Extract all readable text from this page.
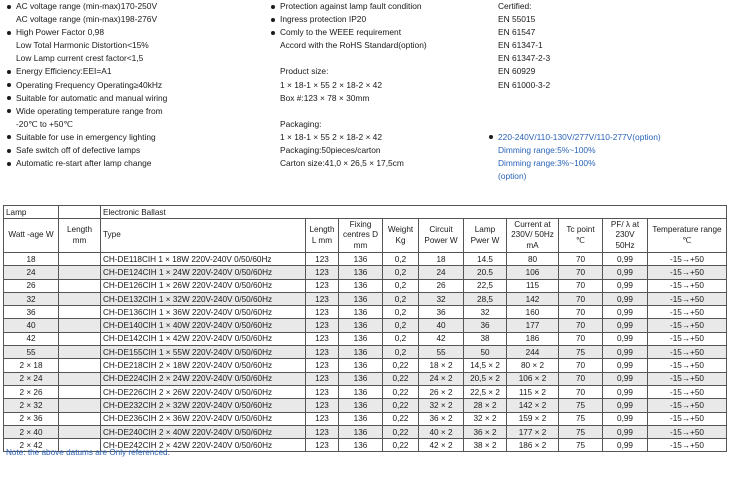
AC voltage range (min-max)170-250V
AC voltage range (min-max)198-276V
High Power Factor 0,98
Low Total Harmonic Distortion<15%
Low Lamp current crest factor<1,5
Energy Efficiency:EEI=A1
Operating Frequency Operating≥40kHz
Suitable for automatic and manual wiring
Wide operating temperature range from
-20℃ to +50℃
Suitable for use in emergency lighting
Safe switch off of defective lamps
Automatic re-start after lamp change
Protection against lamp fault condition
Ingress protection IP20
Comly to the WEEE requirement
Accord with the RoHS Standard(option)
Product size:
1 × 18-1 × 55 2 × 18-2 × 42
Box #:123 × 78 × 30mm
Packaging:
1 × 18-1 × 55 2 × 18-2 × 42
Packaging:50pieces/carton
Carton size:41,0 × 26,5 × 17,5cm
Certified:
EN 55015
EN 61547
EN 61347-1
EN 61347-2-3
EN 60929
EN 61000-3-2
220-240V/110-130V/277V/110-277V(option)
Dimming range:5%~100%
Dimming range:3%~100%
(option)
Lamp		Electronic Ballast									
Watt -age W	Length mm	Type	Length L mm	Fixing centres D mm	Weight Kg	Circuit Power W	Lamp Pwer W	Current at 230V/ 50Hz mA	Tc point ℃	PF/ λ at 230V 50Hz	Temperature range ℃
18		CH-DE118CIH 1 × 18W 220V-240V 0/50/60Hz	123	136	0,2	18	14.5	80	70	0,99	-15→+50
24		CH-DE124CIH 1 × 24W 220V-240V 0/50/60Hz	123	136	0,2	24	20.5	106	70	0,99	-15→+50
26		CH-DE126CIH 1 × 26W 220V-240V 0/50/60Hz	123	136	0,2	26	22,5	115	70	0,99	-15→+50
32		CH-DE132CIH 1 × 32W 220V-240V 0/50/60Hz	123	136	0,2	32	28,5	142	70	0,99	-15→+50
36		CH-DE136CIH 1 × 36W 220V-240V 0/50/60Hz	123	136	0,2	36	32	160	70	0,99	-15→+50
40		CH-DE140CIH 1 × 40W 220V-240V 0/50/60Hz	123	136	0,2	40	36	177	70	0,99	-15→+50
42		CH-DE142CIH 1 × 42W 220V-240V 0/50/60Hz	123	136	0,2	42	38	186	70	0,99	-15→+50
55		CH-DE155CIH 1 × 55W 220V-240V 0/50/60Hz	123	136	0,2	55	50	244	75	0,99	-15→+50
2 × 18		CH-DE218CIH 2 × 18W 220V-240V 0/50/60Hz	123	136	0,22	18 × 2	14,5 × 2	80 × 2	70	0,99	-15→+50
2 × 24		CH-DE224CIH 2 × 24W 220V-240V 0/50/60Hz	123	136	0,22	24 × 2	20,5 × 2	106 × 2	70	0,99	-15→+50
2 × 26		CH-DE226CIH 2 × 26W 220V-240V 0/50/60Hz	123	136	0,22	26 × 2	22,5 × 2	115 × 2	70	0,99	-15→+50
2 × 32		CH-DE232CIH 2 × 32W 220V-240V 0/50/60Hz	123	136	0,22	32 × 2	28 × 2	142 × 2	75	0,99	-15→+50
2 × 36		CH-DE236CIH 2 × 36W 220V-240V 0/50/60Hz	123	136	0,22	36 × 2	32 × 2	159 × 2	75	0,99	-15→+50
2 × 40		CH-DE240CIH 2 × 40W 220V-240V 0/50/60Hz	123	136	0,22	40 × 2	36 × 2	177 × 2	75	0,99	-15→+50
2 × 42		CH-DE242CIH 2 × 42W 220V-240V 0/50/60Hz	123	136	0,22	42 × 2	38 × 2	186 × 2	75	0,99	-15→+50
Note: the above datums are Only referenced.
